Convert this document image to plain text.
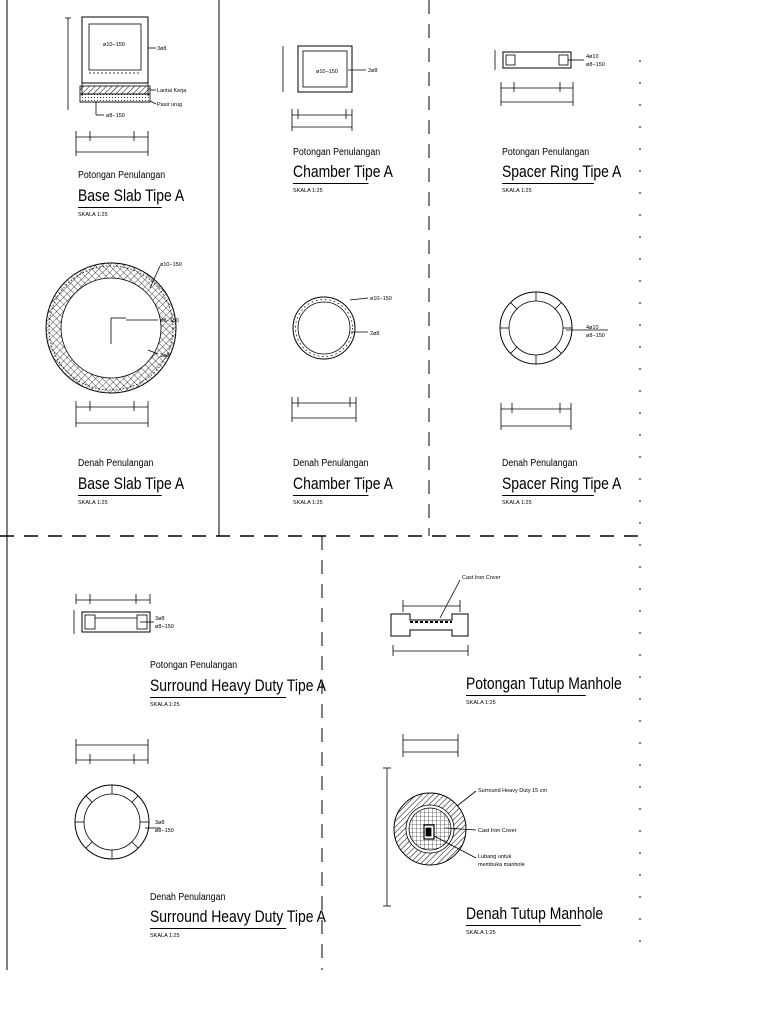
ø10−150
3ø8
Lantai Kerja
Pasir urug
ø8−150
ø10−150	2ø8
4ø10
ø8−150
ø10−150
ø8−150
3ø8
ø10−150
2ø8
4ø10
ø8−150
3ø8
ø8−150
Cast Iron Cover
3ø8
ø8−150
Surround Heavy Duty 15 cm
Cast Iron Cover
Lubang untuk
membuka manhole
Potongan Penulangan
Base Slab Tipe A
SKALA 1:25
Potongan Penulangan
Chamber Tipe A
SKALA 1:25
Potongan Penulangan
Spacer Ring Tipe A
SKALA 1:25
Denah Penulangan
Base Slab Tipe A
SKALA 1:25
Denah Penulangan
Chamber Tipe A
SKALA 1:25
Denah Penulangan
Spacer Ring Tipe A
SKALA 1:25
Potongan Penulangan
Surround Heavy Duty Tipe A
SKALA 1:25
Potongan Tutup Manhole
SKALA 1:25
Denah Penulangan
Surround Heavy Duty Tipe A
SKALA 1:25
Denah Tutup Manhole
SKALA 1:25
